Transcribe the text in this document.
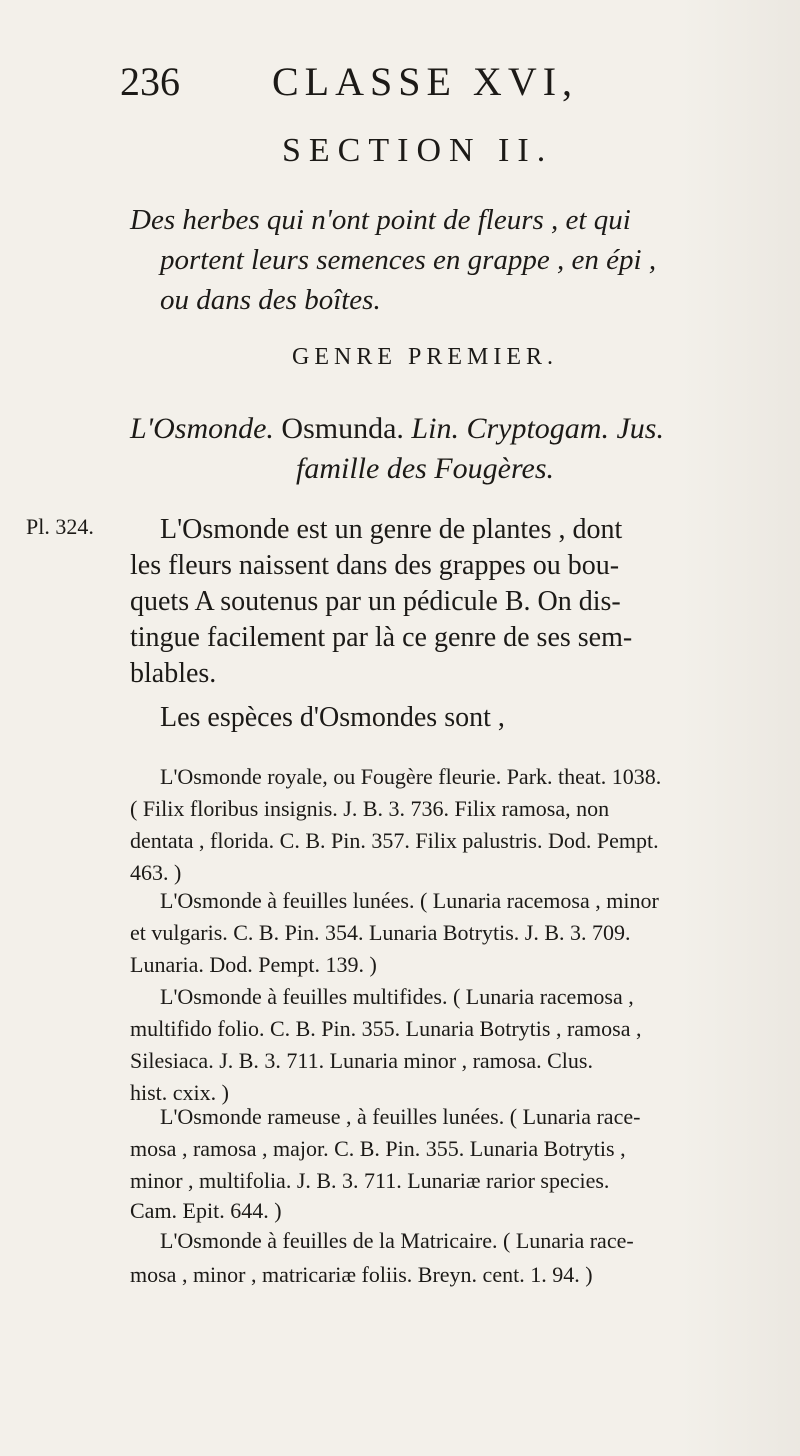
236 CLASSE XVI,
SECTION II.
Des herbes qui n'ont point de fleurs , et qui
portent leurs semences en grappe , en épi ,
ou dans des boîtes.
GENRE PREMIER.
L'Osmonde. Osmunda. Lin. Cryptogam. Jus.
famille des Fougères.
Pl. 324. L'Osmonde est un genre de plantes , dont
les fleurs naissent dans des grappes ou bou-
quets A soutenus par un pédicule B. On dis-
tingue facilement par là ce genre de ses sem-
blables.
Les espèces d'Osmondes sont ,
L'Osmonde royale, ou Fougère fleurie. Park. theat. 1038.
( Filix floribus insignis. J. B. 3. 736. Filix ramosa, non
dentata , florida. C. B. Pin. 357. Filix palustris. Dod. Pempt.
463. )
L'Osmonde à feuilles lunées. ( Lunaria racemosa , minor
et vulgaris. C. B. Pin. 354. Lunaria Botrytis. J. B. 3. 709.
Lunaria. Dod. Pempt. 139. )
L'Osmonde à feuilles multifides. ( Lunaria racemosa ,
multifido folio. C. B. Pin. 355. Lunaria Botrytis , ramosa ,
Silesiaca. J. B. 3. 711. Lunaria minor , ramosa. Clus.
hist. cxix. )
L'Osmonde rameuse , à feuilles lunées. ( Lunaria race-
mosa , ramosa , major. C. B. Pin. 355. Lunaria Botrytis ,
minor , multifolia. J. B. 3. 711. Lunariæ rarior species.
Cam. Epit. 644. )
L'Osmonde à feuilles de la Matricaire. ( Lunaria race-
mosa , minor , matricariæ foliis. Breyn. cent. 1. 94. )
